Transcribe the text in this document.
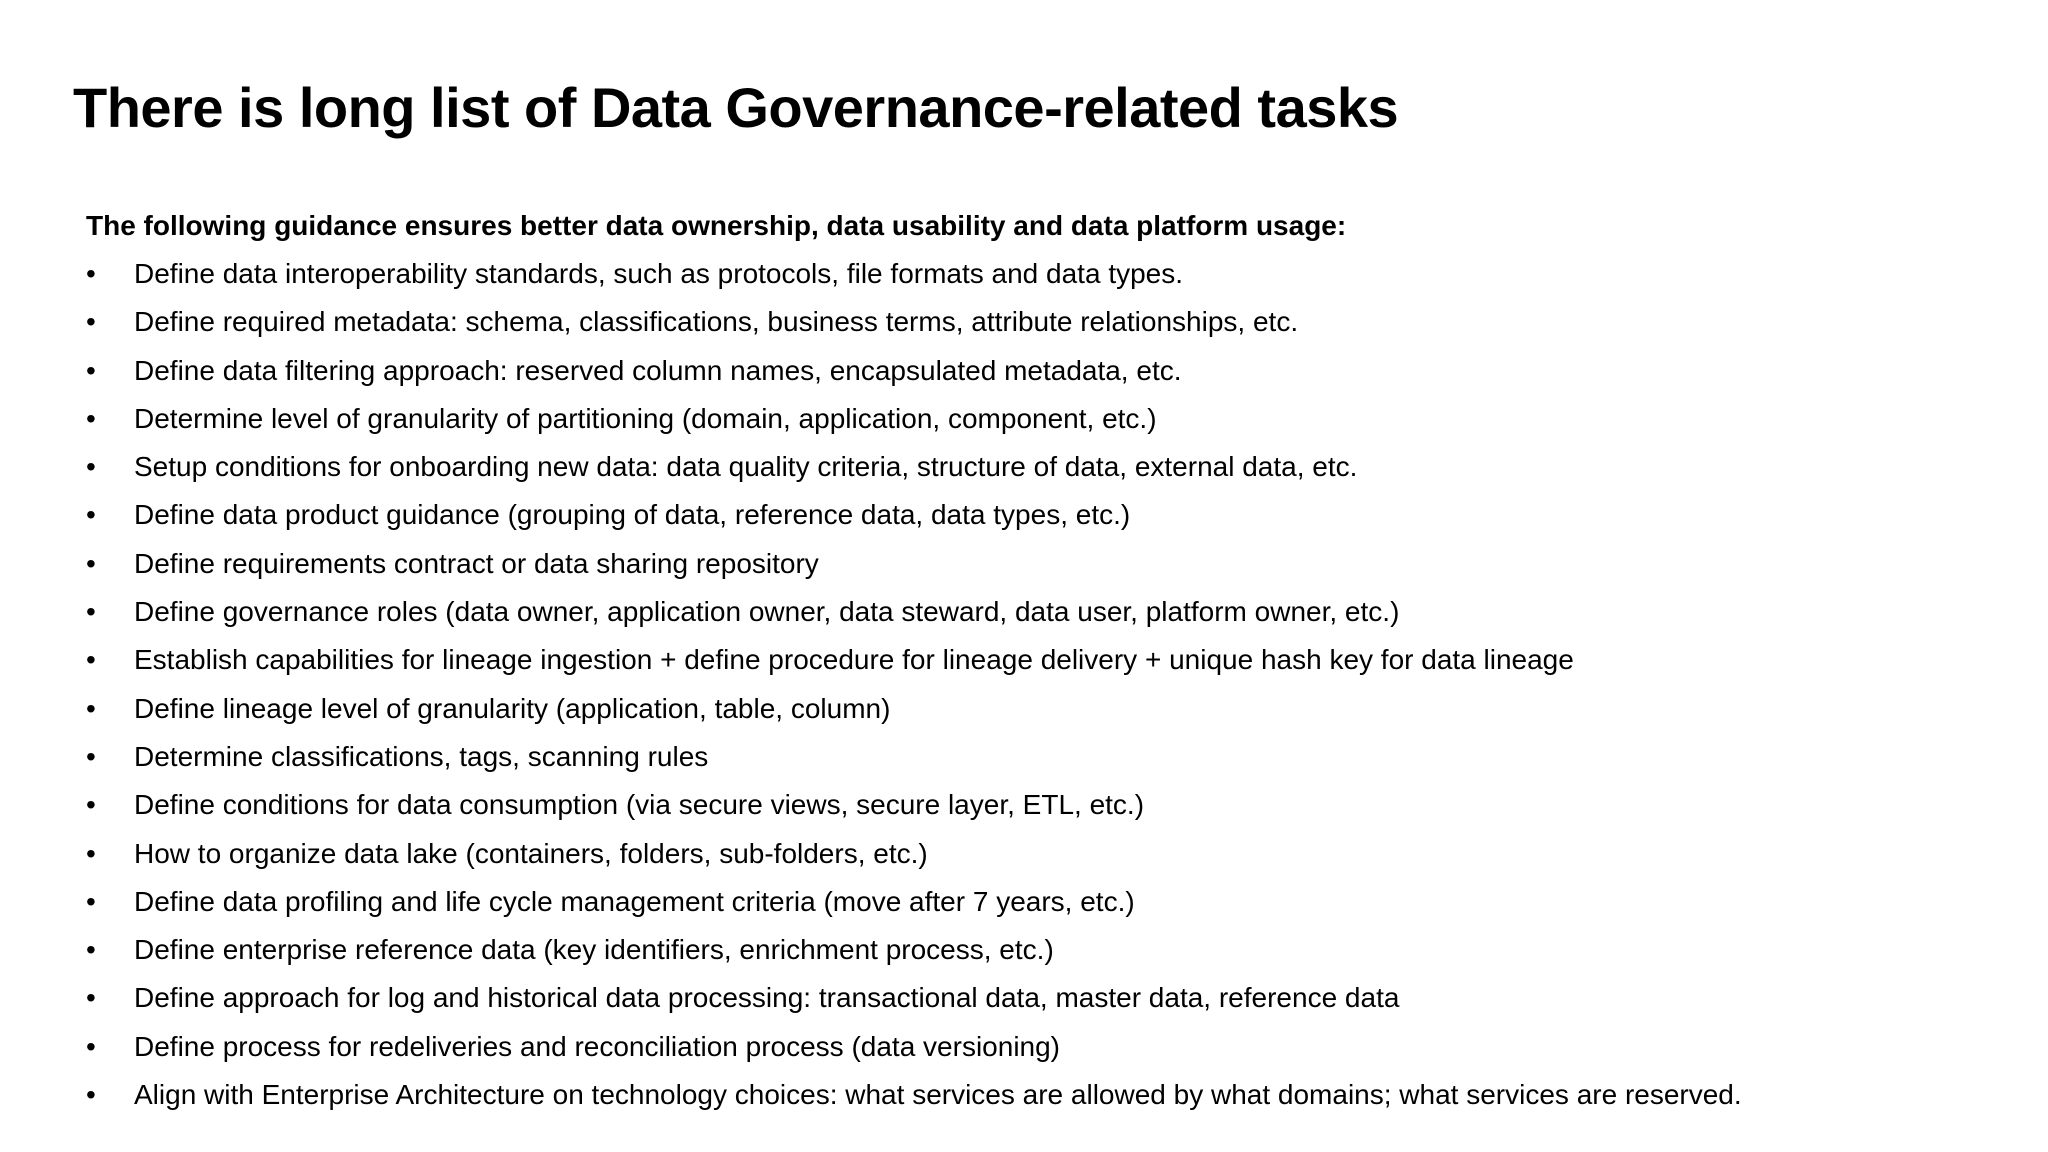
There is long list of Data Governance-related tasks

The following guidance ensures better data ownership, data usability and data platform usage:

•	Define data interoperability standards, such as protocols, file formats and data types.
•	Define required metadata: schema, classifications, business terms, attribute relationships, etc.
•	Define data filtering approach: reserved column names, encapsulated metadata, etc.
•	Determine level of granularity of partitioning (domain, application, component, etc.)
•	Setup conditions for onboarding new data: data quality criteria, structure of data, external data, etc.
•	Define data product guidance (grouping of data, reference data, data types, etc.)
•	Define requirements contract or data sharing repository
•	Define governance roles (data owner, application owner, data steward, data user, platform owner, etc.)
•	Establish capabilities for lineage ingestion + define procedure for lineage delivery + unique hash key for data lineage
•	Define lineage level of granularity (application, table, column)
•	Determine classifications, tags, scanning rules
•	Define conditions for data consumption (via secure views, secure layer, ETL, etc.)
•	How to organize data lake (containers, folders, sub-folders, etc.)
•	Define data profiling and life cycle management criteria (move after 7 years, etc.)
•	Define enterprise reference data (key identifiers, enrichment process, etc.)
•	Define approach for log and historical data processing: transactional data, master data, reference data
•	Define process for redeliveries and reconciliation process (data versioning)
•	Align with Enterprise Architecture on technology choices: what services are allowed by what domains; what services are reserved.
